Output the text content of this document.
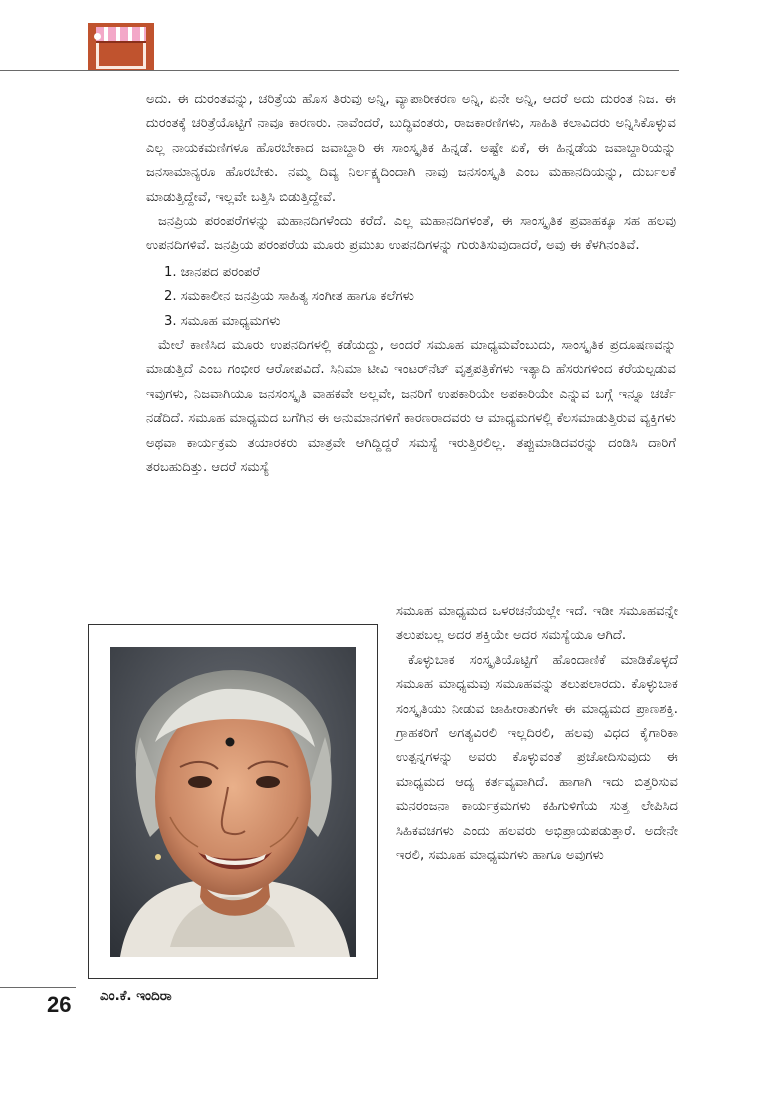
ಅದು. ಈ ದುರಂತವನ್ನು, ಚರಿತ್ರೆಯ ಹೊಸ ತಿರುವು ಅನ್ನಿ, ವ್ಯಾಪಾರೀಕರಣ ಅನ್ನಿ, ಏನೇ ಅನ್ನಿ, ಆದರೆ ಅದು ದುರಂತ ನಿಜ. ಈ ದುರಂತಕ್ಕೆ ಚರಿತ್ರೆಯೊಟ್ಟಿಗೆ ನಾವೂ ಕಾರಣರು. ನಾವೆಂದರೆ, ಬುದ್ಧಿವಂತರು, ರಾಜಕಾರಣಿಗಳು, ಸಾಹಿತಿ ಕಲಾವಿದರು ಅನ್ನಿಸಿಕೊಳ್ಳುವ ಎಲ್ಲ ನಾಯಕಮಣಿಗಳೂ ಹೊರಬೇಕಾದ ಜವಾಬ್ದಾರಿ ಈ ಸಾಂಸ್ಕೃತಿಕ ಹಿನ್ನಡೆ. ಅಷ್ಟೇ ಏಕೆ, ಈ ಹಿನ್ನಡೆಯ ಜವಾಬ್ದಾರಿಯನ್ನು ಜನಸಾಮಾನ್ಯರೂ ಹೊರಬೇಕು. ನಮ್ಮ ದಿವ್ಯ ನಿರ್ಲಕ್ಷ್ಯದಿಂದಾಗಿ ನಾವು ಜನಸಂಸ್ಕೃತಿ ಎಂಬ ಮಹಾನದಿಯನ್ನು, ದುರ್ಬಲಕೆ ಮಾಡುತ್ತಿದ್ದೇವೆ, ಇಲ್ಲವೇ ಬತ್ತಿಸಿ ಬಿಡುತ್ತಿದ್ದೇವೆ.

ಜನಪ್ರಿಯ ಪರಂಪರೆಗಳನ್ನು ಮಹಾನದಿಗಳೆಂದು ಕರೆದೆ. ಎಲ್ಲ ಮಹಾನದಿಗಳಂತೆ, ಈ ಸಾಂಸ್ಕೃತಿಕ ಪ್ರವಾಹಕ್ಕೂ ಸಹ ಹಲವು ಉಪನದಿಗಳಿವೆ. ಜನಪ್ರಿಯ ಪರಂಪರೆಯ ಮೂರು ಪ್ರಮುಖ ಉಪನದಿಗಳನ್ನು ಗುರುತಿಸುವುದಾದರೆ, ಅವು ಈ ಕೆಳಗಿನಂತಿವೆ.

1. ಜಾನಪದ ಪರಂಪರೆ
2. ಸಮಕಾಲೀನ ಜನಪ್ರಿಯ ಸಾಹಿತ್ಯ ಸಂಗೀತ ಹಾಗೂ ಕಲೆಗಳು
3. ಸಮೂಹ ಮಾಧ್ಯಮಗಳು

ಮೇಲೆ ಕಾಣಿಸಿದ ಮೂರು ಉಪನದಿಗಳಲ್ಲಿ ಕಡೆಯದ್ದು, ಅಂದರೆ ಸಮೂಹ ಮಾಧ್ಯಮವೆಂಬುದು, ಸಾಂಸ್ಕೃತಿಕ ಪ್ರದೂಷಣವನ್ನು ಮಾಡುತ್ತಿದೆ ಎಂಬ ಗಂಭೀರ ಆರೋಪವಿದೆ. ಸಿನಿಮಾ ಟೀವಿ ಇಂಟರ್‌ನೆಟ್ ವೃತ್ತಪತ್ರಿಕೆಗಳು ಇತ್ಯಾದಿ ಹೆಸರುಗಳಿಂದ ಕರೆಯಲ್ಪಡುವ ಇವುಗಳು, ನಿಜವಾಗಿಯೂ ಜನಸಂಸ್ಕೃತಿ ವಾಹಕವೇ ಅಲ್ಲವೇ, ಜನರಿಗೆ ಉಪಕಾರಿಯೇ ಅಪಕಾರಿಯೇ ಎನ್ನುವ ಬಗ್ಗೆ ಇನ್ನೂ ಚರ್ಚೆ ನಡೆದಿದೆ. ಸಮೂಹ ಮಾಧ್ಯಮದ ಬಗೆಗಿನ ಈ ಅನುಮಾನಗಳಿಗೆ ಕಾರಣರಾದವರು ಆ ಮಾಧ್ಯಮಗಳಲ್ಲಿ ಕೆಲಸಮಾಡುತ್ತಿರುವ ವ್ಯಕ್ತಿಗಳು ಅಥವಾ ಕಾರ್ಯಕ್ರಮ ತಯಾರಕರು ಮಾತ್ರವೇ ಆಗಿದ್ದಿದ್ದರೆ ಸಮಸ್ಯೆ ಇರುತ್ತಿರಲಿಲ್ಲ. ತಪ್ಪುಮಾಡಿದವರನ್ನು ದಂಡಿಸಿ ದಾರಿಗೆ ತರಬಹುದಿತ್ತು. ಆದರೆ ಸಮಸ್ಯೆ

ಸಮೂಹ ಮಾಧ್ಯಮದ ಒಳರಚನೆಯಲ್ಲೇ ಇದೆ. ಇಡೀ ಸಮೂಹವನ್ನೇ ತಲುಪಬಲ್ಲ ಅದರ ಶಕ್ತಿಯೇ ಅದರ ಸಮಸ್ಯೆಯೂ ಆಗಿದೆ.

ಕೊಳ್ಳುಬಾಕ ಸಂಸ್ಕೃತಿಯೊಟ್ಟಿಗೆ ಹೊಂದಾಣಿಕೆ ಮಾಡಿಕೊಳ್ಳದೆ ಸಮೂಹ ಮಾಧ್ಯಮವು ಸಮೂಹವನ್ನು ತಲುಪಲಾರದು. ಕೊಳ್ಳುಬಾಕ ಸಂಸ್ಕೃತಿಯು ನೀಡುವ ಜಾಹೀರಾತುಗಳೇ ಈ ಮಾಧ್ಯಮದ ಪ್ರಾಣಶಕ್ತಿ. ಗ್ರಾಹಕರಿಗೆ ಅಗತ್ಯವಿರಲಿ ಇಲ್ಲದಿರಲಿ, ಹಲವು ವಿಧದ ಕೈಗಾರಿಕಾ ಉತ್ಪನ್ನಗಳನ್ನು ಅವರು ಕೊಳ್ಳುವಂತೆ ಪ್ರಚೋದಿಸುವುದು ಈ ಮಾಧ್ಯಮದ ಆದ್ಯ ಕರ್ತವ್ಯವಾಗಿದೆ. ಹಾಗಾಗಿ ಇದು ಬಿತ್ತರಿಸುವ ಮನರಂಜನಾ ಕಾರ್ಯಕ್ರಮಗಳು ಕಹಿಗುಳಿಗೆಯ ಸುತ್ತ ಲೇಪಿಸಿದ ಸಿಹಿಕವಚಗಳು ಎಂದು ಹಲವರು ಅಭಿಪ್ರಾಯಪಡುತ್ತಾರೆ. ಅದೇನೇ ಇರಲಿ, ಸಮೂಹ ಮಾಧ್ಯಮಗಳು ಹಾಗೂ ಅವುಗಳು

26 ಎಂ.ಕೆ. ಇಂದಿರಾ
